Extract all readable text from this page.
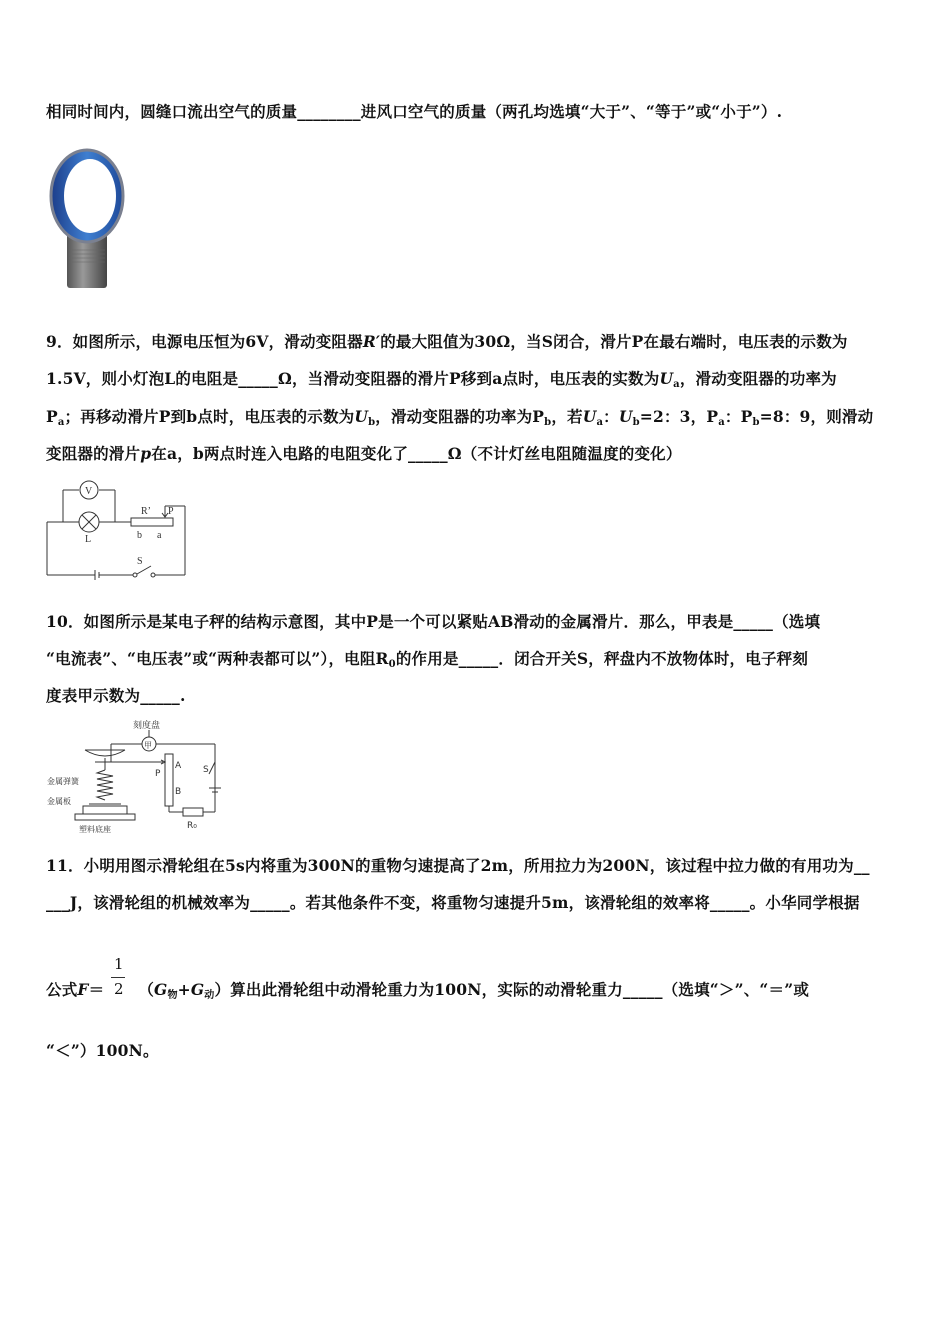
相同时间内，圆缝口流出空气的质量________进风口空气的质量（两孔均选填“大于”、“等于”或“小于”）.
9．如图所示，电源电压恒为6V，滑动变阻器R′的最大阻值为30Ω，当S闭合，滑片P在最右端时，电压表的示数为
1.5V，则小灯泡L的电阻是_____Ω，当滑动变阻器的滑片P移到a点时，电压表的实数为$U_a$，滑动变阻器的功率为
$P_a$；再移动滑片P到b点时，电压表的示数为$U_b$，滑动变阻器的功率为$P_b$，若$U_a$：$U_b=2$：3，$P_a$：$P_b=8$：9，则滑动
变阻器的滑片p在a，b两点时连入电路的电阻变化了_____Ω（不计灯丝电阻随温度的变化）
V
L
R’ P
b a
S
10．如图所示是某电子秤的结构示意图，其中P是一个可以紧贴AB滑动的金属滑片．那么，甲表是_____（选填
“电流表”、“电压表”或“两种表都可以”），电阻$R_0$的作用是_____．闭合开关S，秤盘内不放物体时，电子秤刻
度表甲示数为_____.
刻度盘
甲
金属弹簧
金属板
塑料底座
P
A
B
S
R₀
11．小明用图示滑轮组在5s内将重为300N的重物匀速提高了2m，所用拉力为200N，该过程中拉力做的有用功为__
___J，该滑轮组的机械效率为_____。若其他条件不变，将重物匀速提升5m，该滑轮组的效率将_____。小华同学根据
1
2
公式$F= (G_物+G_动)$算出此滑轮组中动滑轮重力为100N，实际的动滑轮重力_____（选填“＞”、“＝”或
“＜”）100N。
